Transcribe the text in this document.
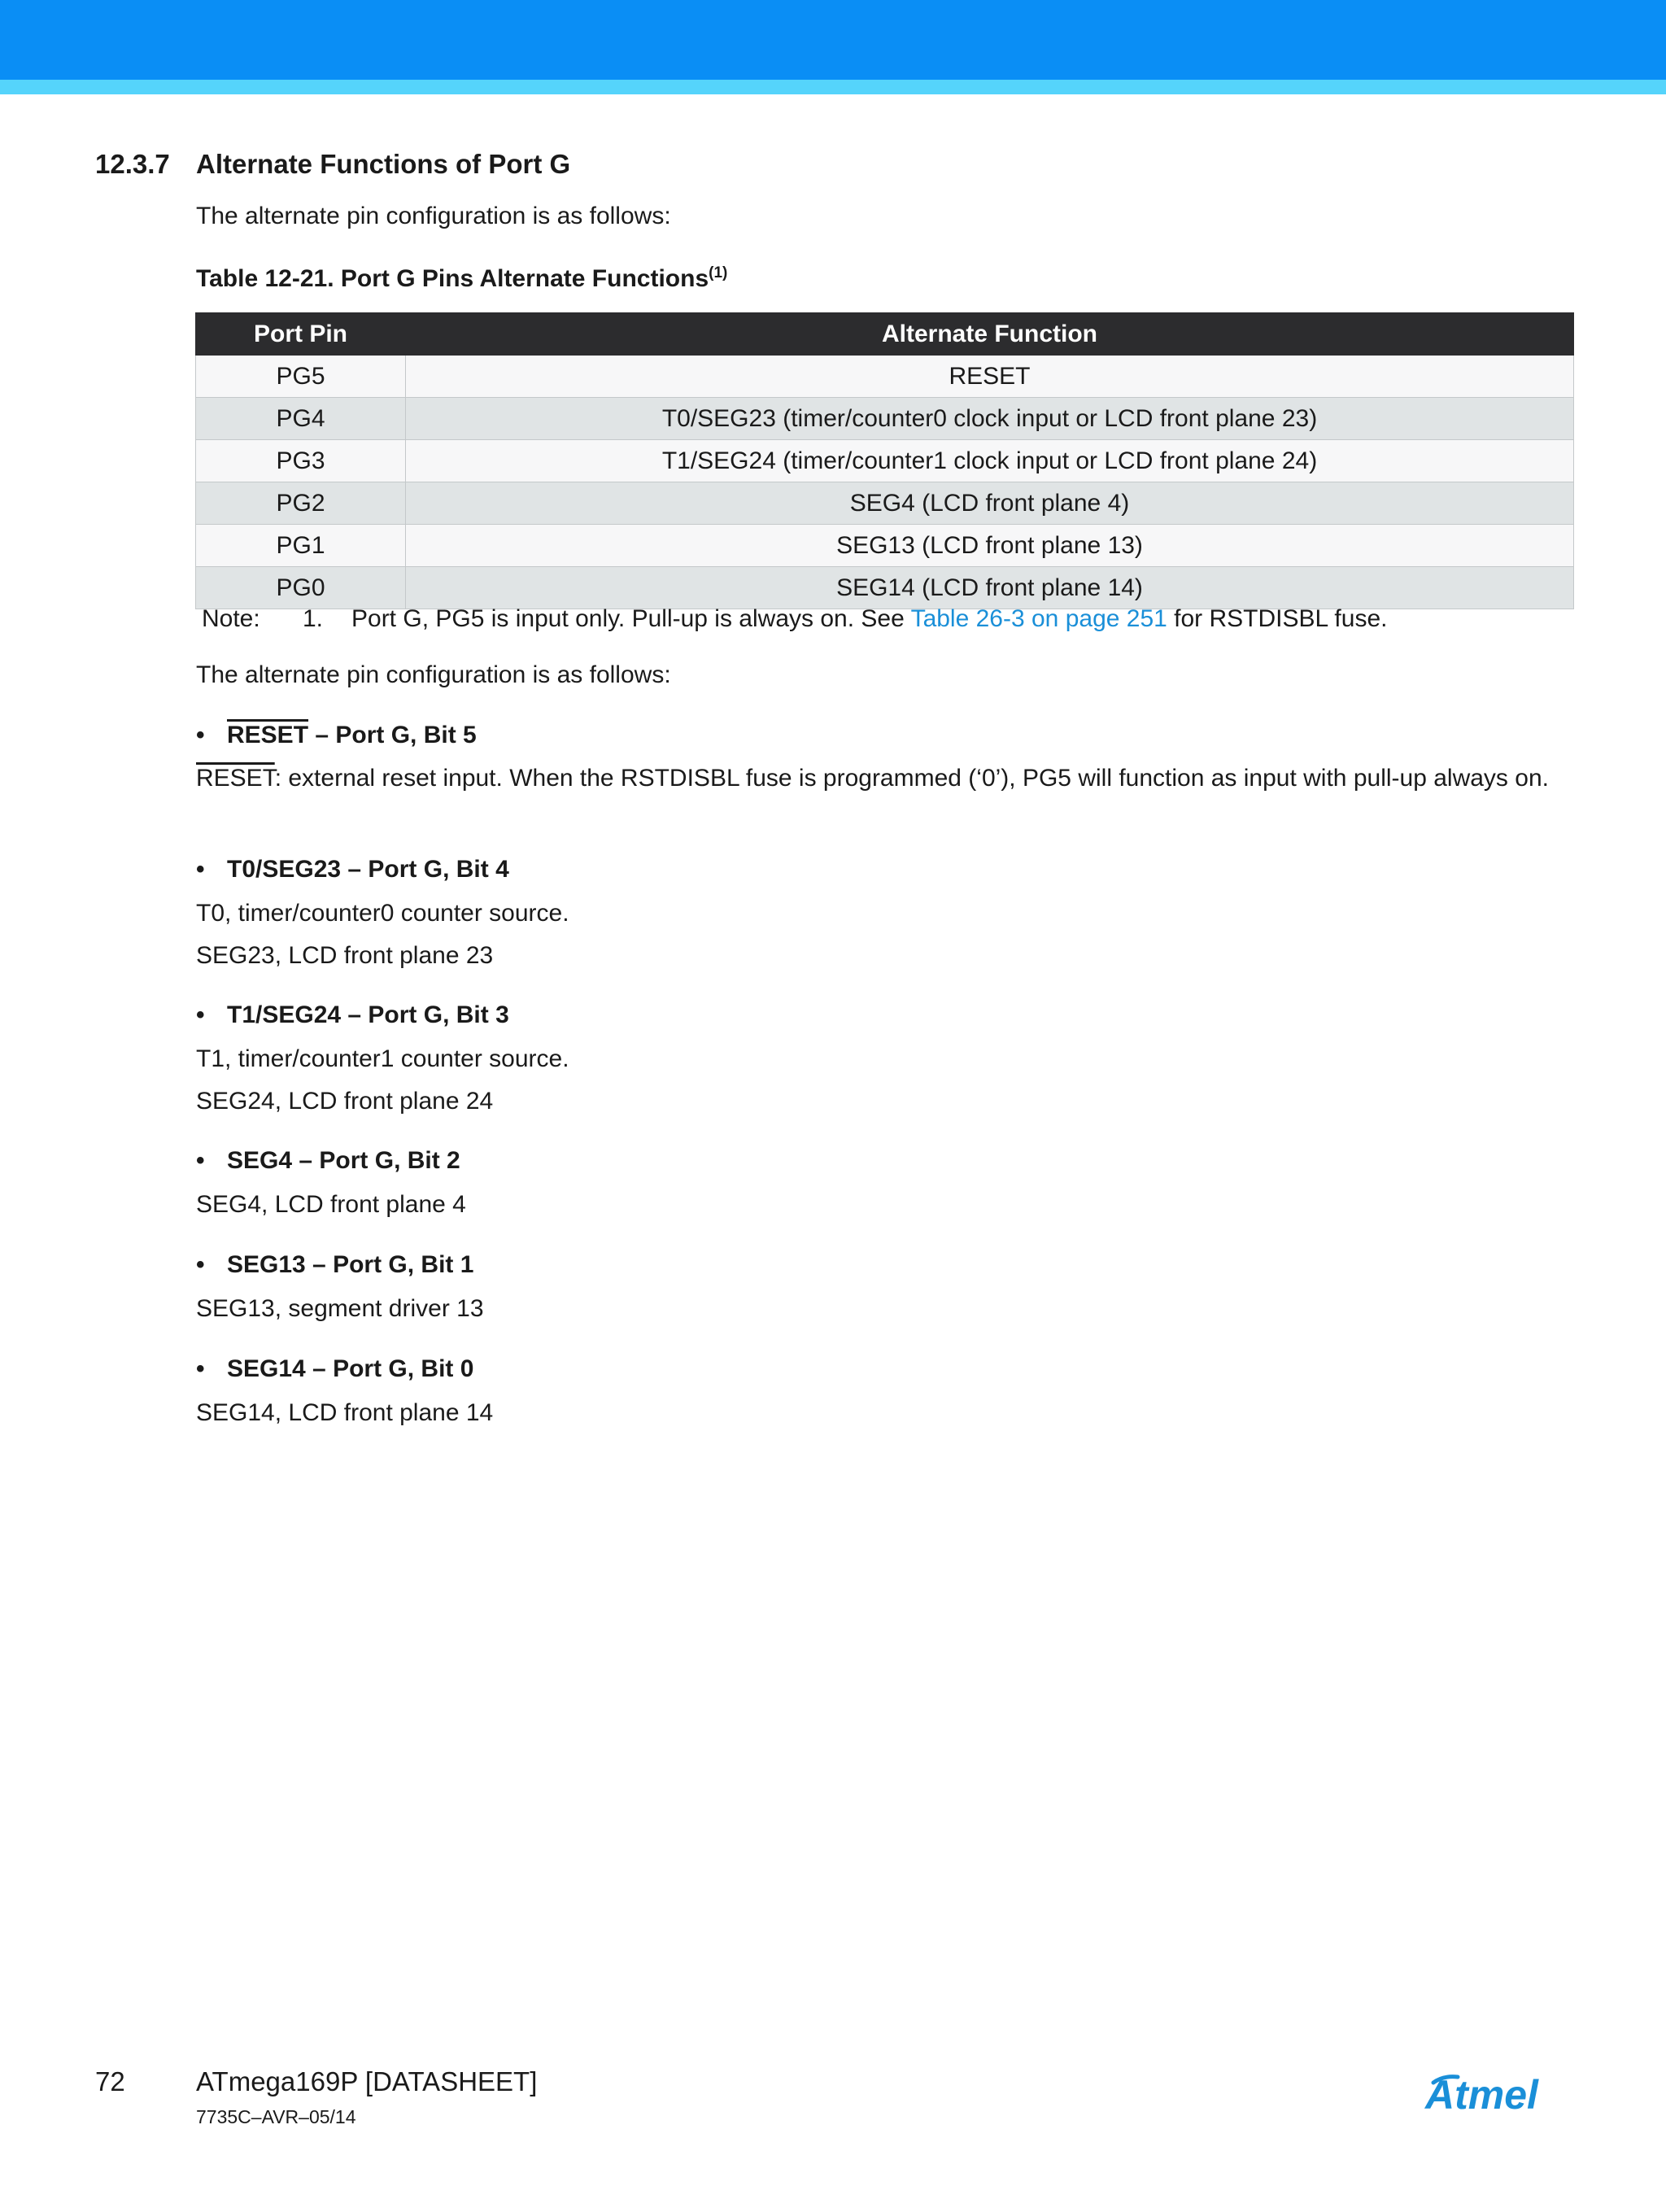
12.3.7 Alternate Functions of Port G

The alternate pin configuration is as follows:

Table 12-21. Port G Pins Alternate Functions$^{(1)}$

Port Pin	Alternate Function
PG5	RESET
PG4	T0/SEG23 (timer/counter0 clock input or LCD front plane 23)
PG3	T1/SEG24 (timer/counter1 clock input or LCD front plane 24)
PG2	SEG4 (LCD front plane 4)
PG1	SEG13 (LCD front plane 13)
PG0	SEG14 (LCD front plane 14)

Note: 1. Port G, PG5 is input only. Pull-up is always on. See Table 26-3 on page 251 for RSTDISBL fuse.

The alternate pin configuration is as follows:

• RESET – Port G, Bit 5

RESET: external reset input. When the RSTDISBL fuse is programmed (‘0’), PG5 will function as input with pull-up always on.

• T0/SEG23 – Port G, Bit 4

T0, timer/counter0 counter source.

SEG23, LCD front plane 23

• T1/SEG24 – Port G, Bit 3

T1, timer/counter1 counter source.

SEG24, LCD front plane 24

• SEG4 – Port G, Bit 2

SEG4, LCD front plane 4

• SEG13 – Port G, Bit 1

SEG13, segment driver 13

• SEG14 – Port G, Bit 0

SEG14, LCD front plane 14

72	ATmega169P [DATASHEET]

7735C–AVR–05/14	Atmel
